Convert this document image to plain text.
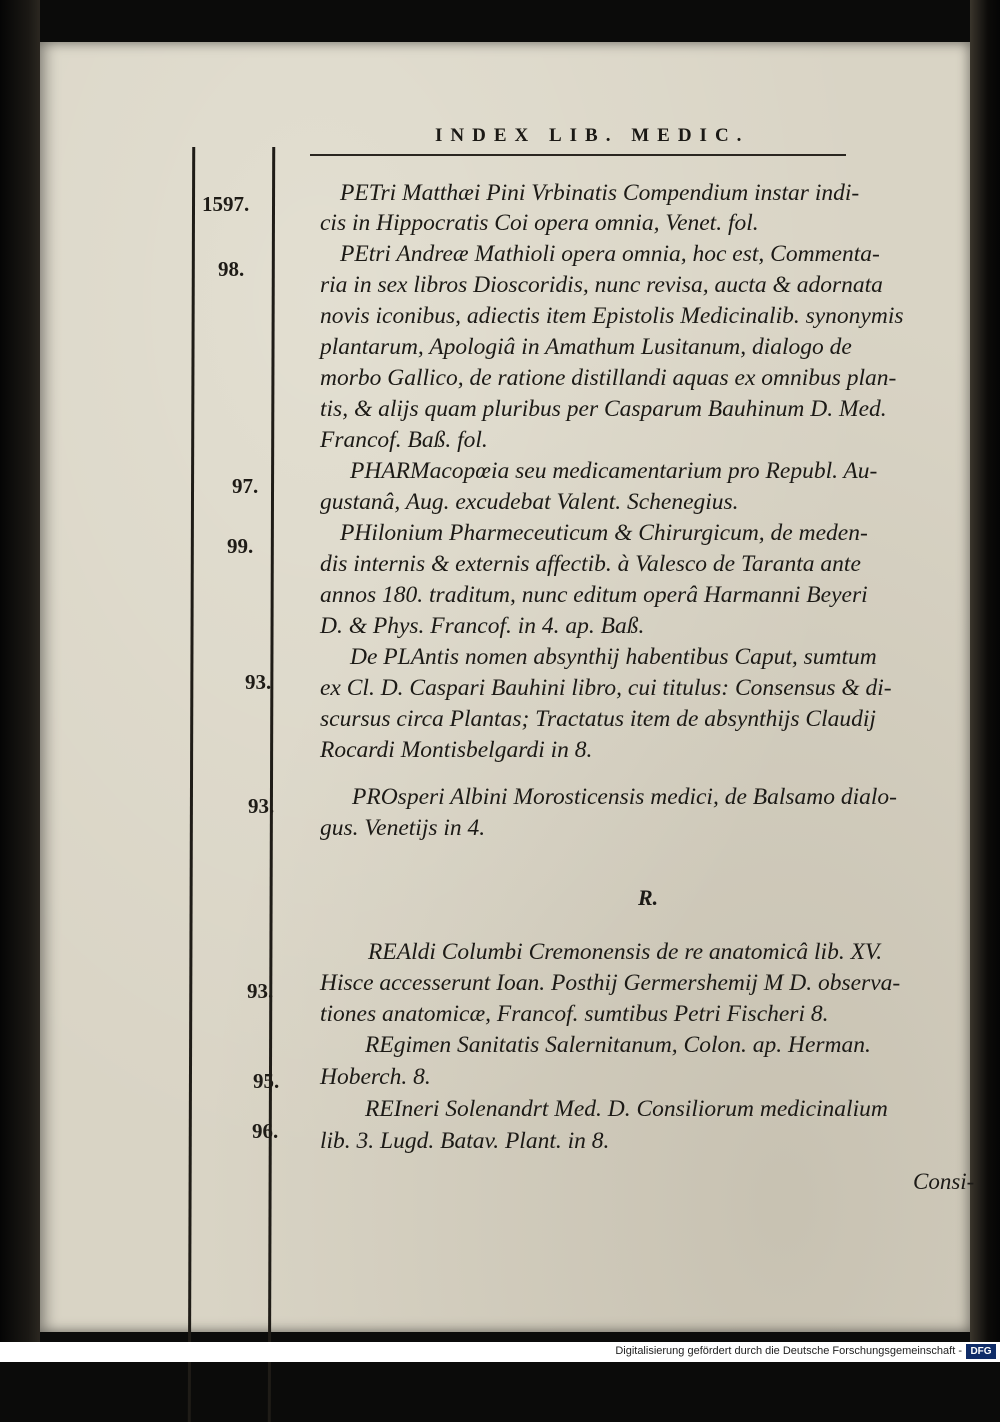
INDEX LIB. MEDIC.
1597.
98.
97.
99.
93.
93.
93.
95.
96.
PETri Matthæi Pini Vrbinatis Compendium instar indi-
cis in Hippocratis Coi opera omnia, Venet. fol.
PEtri Andreæ Mathioli opera omnia, hoc est, Commenta-
ria in sex libros Dioscoridis, nunc revisa, aucta & adornata
novis iconibus, adiectis item Epistolis Medicinalib. synonymis
plantarum, Apologiâ in Amathum Lusitanum, dialogo de
morbo Gallico, de ratione distillandi aquas ex omnibus plan-
tis, & alijs quam pluribus per Casparum Bauhinum D. Med.
Francof. Baß. fol.
PHARMacopœia seu medicamentarium pro Republ. Au-
gustanâ, Aug. excudebat Valent. Schenegius.
PHilonium Pharmeceuticum & Chirurgicum, de meden-
dis internis & externis affectib. à Valesco de Taranta ante
annos 180. traditum, nunc editum operâ Harmanni Beyeri
D. & Phys. Francof. in 4. ap. Baß.
De PLAntis nomen absynthij habentibus Caput, sumtum
ex Cl. D. Caspari Bauhini libro, cui titulus: Consensus & di-
scursus circa Plantas; Tractatus item de absynthijs Claudij
Rocardi Montisbelgardi in 8.
PROsperi Albini Morosticensis medici, de Balsamo dialo-
gus. Venetijs in 4.
R.
REAldi Columbi Cremonensis de re anatomicâ lib. XV.
Hisce accesserunt Ioan. Posthij Germershemij M D. observa-
tiones anatomicæ, Francof. sumtibus Petri Fischeri 8.
REgimen Sanitatis Salernitanum, Colon. ap. Herman.
Hoberch. 8.
REIneri Solenandrt Med. D. Consiliorum medicinalium
lib. 3. Lugd. Batav. Plant. in 8.
Consi-
Digitalisierung gefördert durch die Deutsche Forschungsgemeinschaft - DFG
